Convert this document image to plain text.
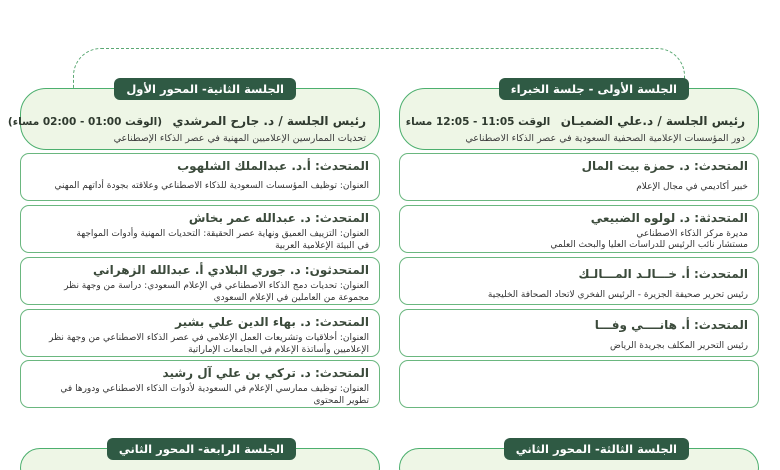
الجلسة الأولى - جلسة الخبراء
رئيس الجلسة / د.علي الضميـان   الوقت 11:05 - 12:05 مساء
دور المؤسسات الإعلامية الصحفية السعودية في عصر الذكاء الاصطناعي
المتحدث: د. حمزة بيت المال
خبير أكاديمي في مجال الإعلام
المتحدثة: د. لولوه الضبيعي
مديرة مركز الذكاء الاصطناعي
مستشار نائب الرئيس للدراسات العليا والبحث العلمي
المتحدث: أ. خـــالـد المـــالـك
رئيس تحرير صحيفة الجزيرة - الرئيس الفخري لاتحاد الصحافة الخليجية
المتحدث: أ. هانــــي وفـــا
رئيس التحرير المكلف بجريدة الرياض
الجلسة الثالثة- المحور الثاني
الجلسة الثانية- المحور الأول
رئيس الجلسة / د. جارح المرشدي   (الوقت 01:00 - 02:00 مساء)
تحديات الممارسين الإعلاميين المهنية في عصر الذكاء الإصطناعي
المتحدث: أ.د. عبدالملك الشلهوب
العنوان: توظيف المؤسسات السعودية للذكاء الاصطناعي وعلاقته بجودة أداتهم المهني
المتحدث: د. عبدالله عمر بخاش
العنوان: التزييف العميق ونهاية عصر الحقيقة: التحديات المهنية وأدوات المواجهة
في البيئة الإعلامية العربية
المتحدثون: د. جوري البلادي أ. عبدالله الزهراني
العنوان: تحديات دمج الذكاء الاصطناعي في الإعلام السعودي: دراسة من وجهة نظر
مجموعة من العاملين في الإعلام السعودي
المتحدث: د. بهاء الدين علي بشير
العنوان: أخلاقيات وتشريعات العمل الإعلامي في عصر الذكاء الاصطناعي من وجهة نظر
الإعلاميين وأساتذة الإعلام في الجامعات الإماراتية
المتحدث: د. تركي بن علي آل رشيد
العنوان: توظيف ممارسي الإعلام في السعودية لأدوات الذكاء الاصطناعي ودورها في
تطوير المحتوى
الجلسة الرابعة- المحور الثاني
